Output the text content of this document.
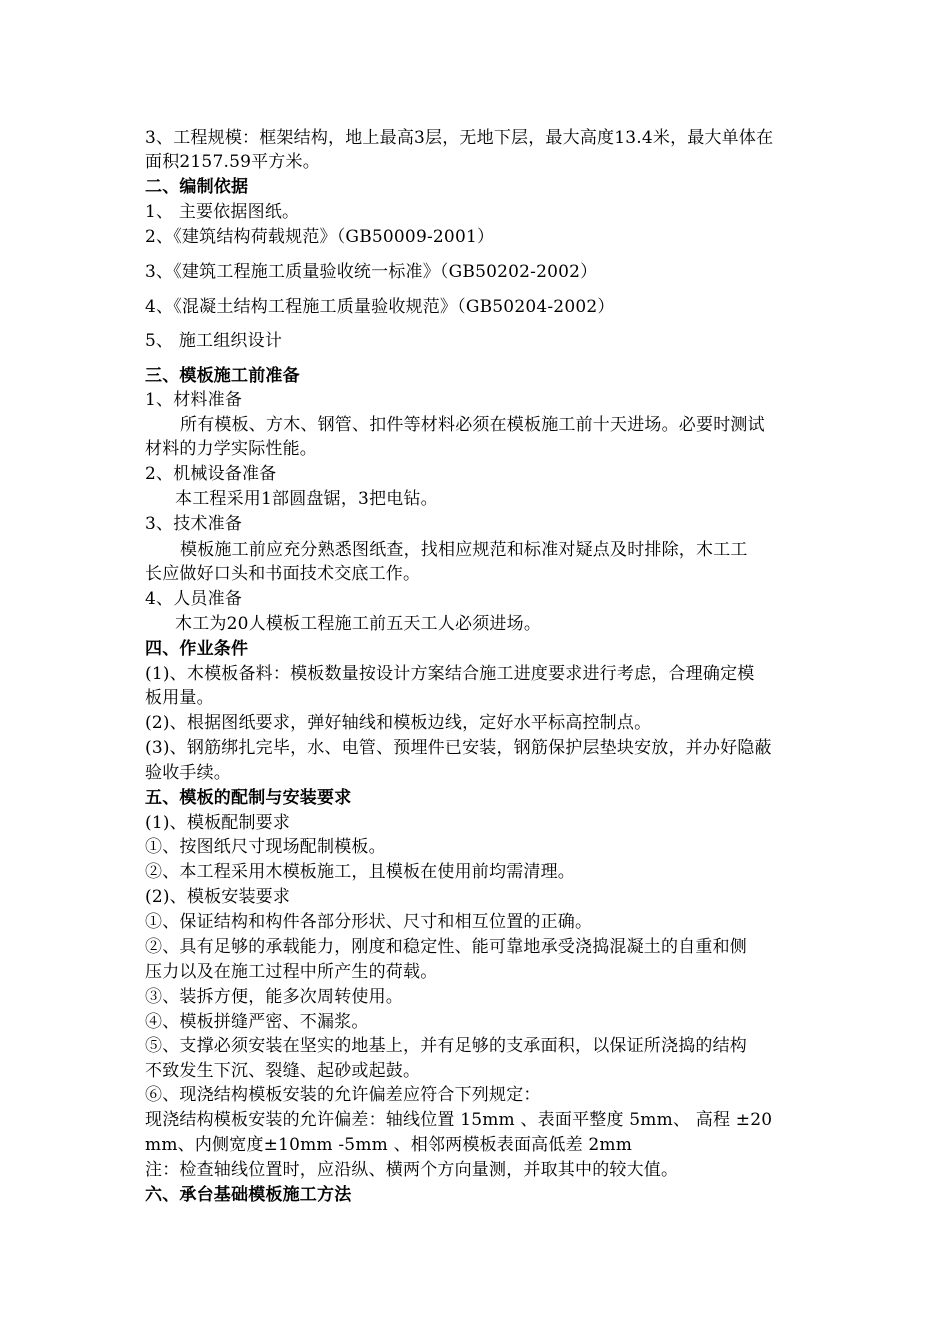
3、工程规模：框架结构，地上最高3层，无地下层，最大高度13.4米，最大单体在
面积2157.59平方米。
二、编制依据
1、 主要依据图纸。
2、《建筑结构荷载规范》（GB50009-2001）
3、《建筑工程施工质量验收统一标准》（GB50202-2002）
4、《混凝土结构工程施工质量验收规范》（GB50204-2002）
5、 施工组织设计
三、模板施工前准备
1、材料准备
所有模板、方木、钢管、扣件等材料必须在模板施工前十天进场。必要时测试
材料的力学实际性能。
2、机械设备准备
本工程采用1部圆盘锯，3把电钻。
3、技术准备
模板施工前应充分熟悉图纸查，找相应规范和标准对疑点及时排除，木工工
长应做好口头和书面技术交底工作。
4、人员准备
木工为20人模板工程施工前五天工人必须进场。
四、作业条件
(1)、木模板备料：模板数量按设计方案结合施工进度要求进行考虑，合理确定模
板用量。
(2)、根据图纸要求，弹好轴线和模板边线，定好水平标高控制点。
(3)、钢筋绑扎完毕，水、电管、预埋件已安装，钢筋保护层垫块安放，并办好隐蔽
验收手续。
五、模板的配制与安装要求
(1)、模板配制要求
①、按图纸尺寸现场配制模板。
②、本工程采用木模板施工，且模板在使用前均需清理。
(2)、模板安装要求
①、保证结构和构件各部分形状、尺寸和相互位置的正确。
②、具有足够的承载能力，刚度和稳定性、能可靠地承受浇捣混凝土的自重和侧
压力以及在施工过程中所产生的荷载。
③、装拆方便，能多次周转使用。
④、模板拼缝严密、不漏浆。
⑤、支撑必须安装在坚实的地基上，并有足够的支承面积，以保证所浇捣的结构
不致发生下沉、裂缝、起砂或起鼓。
⑥、现浇结构模板安装的允许偏差应符合下列规定：
现浇结构模板安装的允许偏差：轴线位置 15mm 、表面平整度 5mm、 高程 ±20
mm、内侧宽度±10mm -5mm 、相邻两模板表面高低差 2mm
注：检查轴线位置时，应沿纵、横两个方向量测，并取其中的较大值。
六、承台基础模板施工方法
